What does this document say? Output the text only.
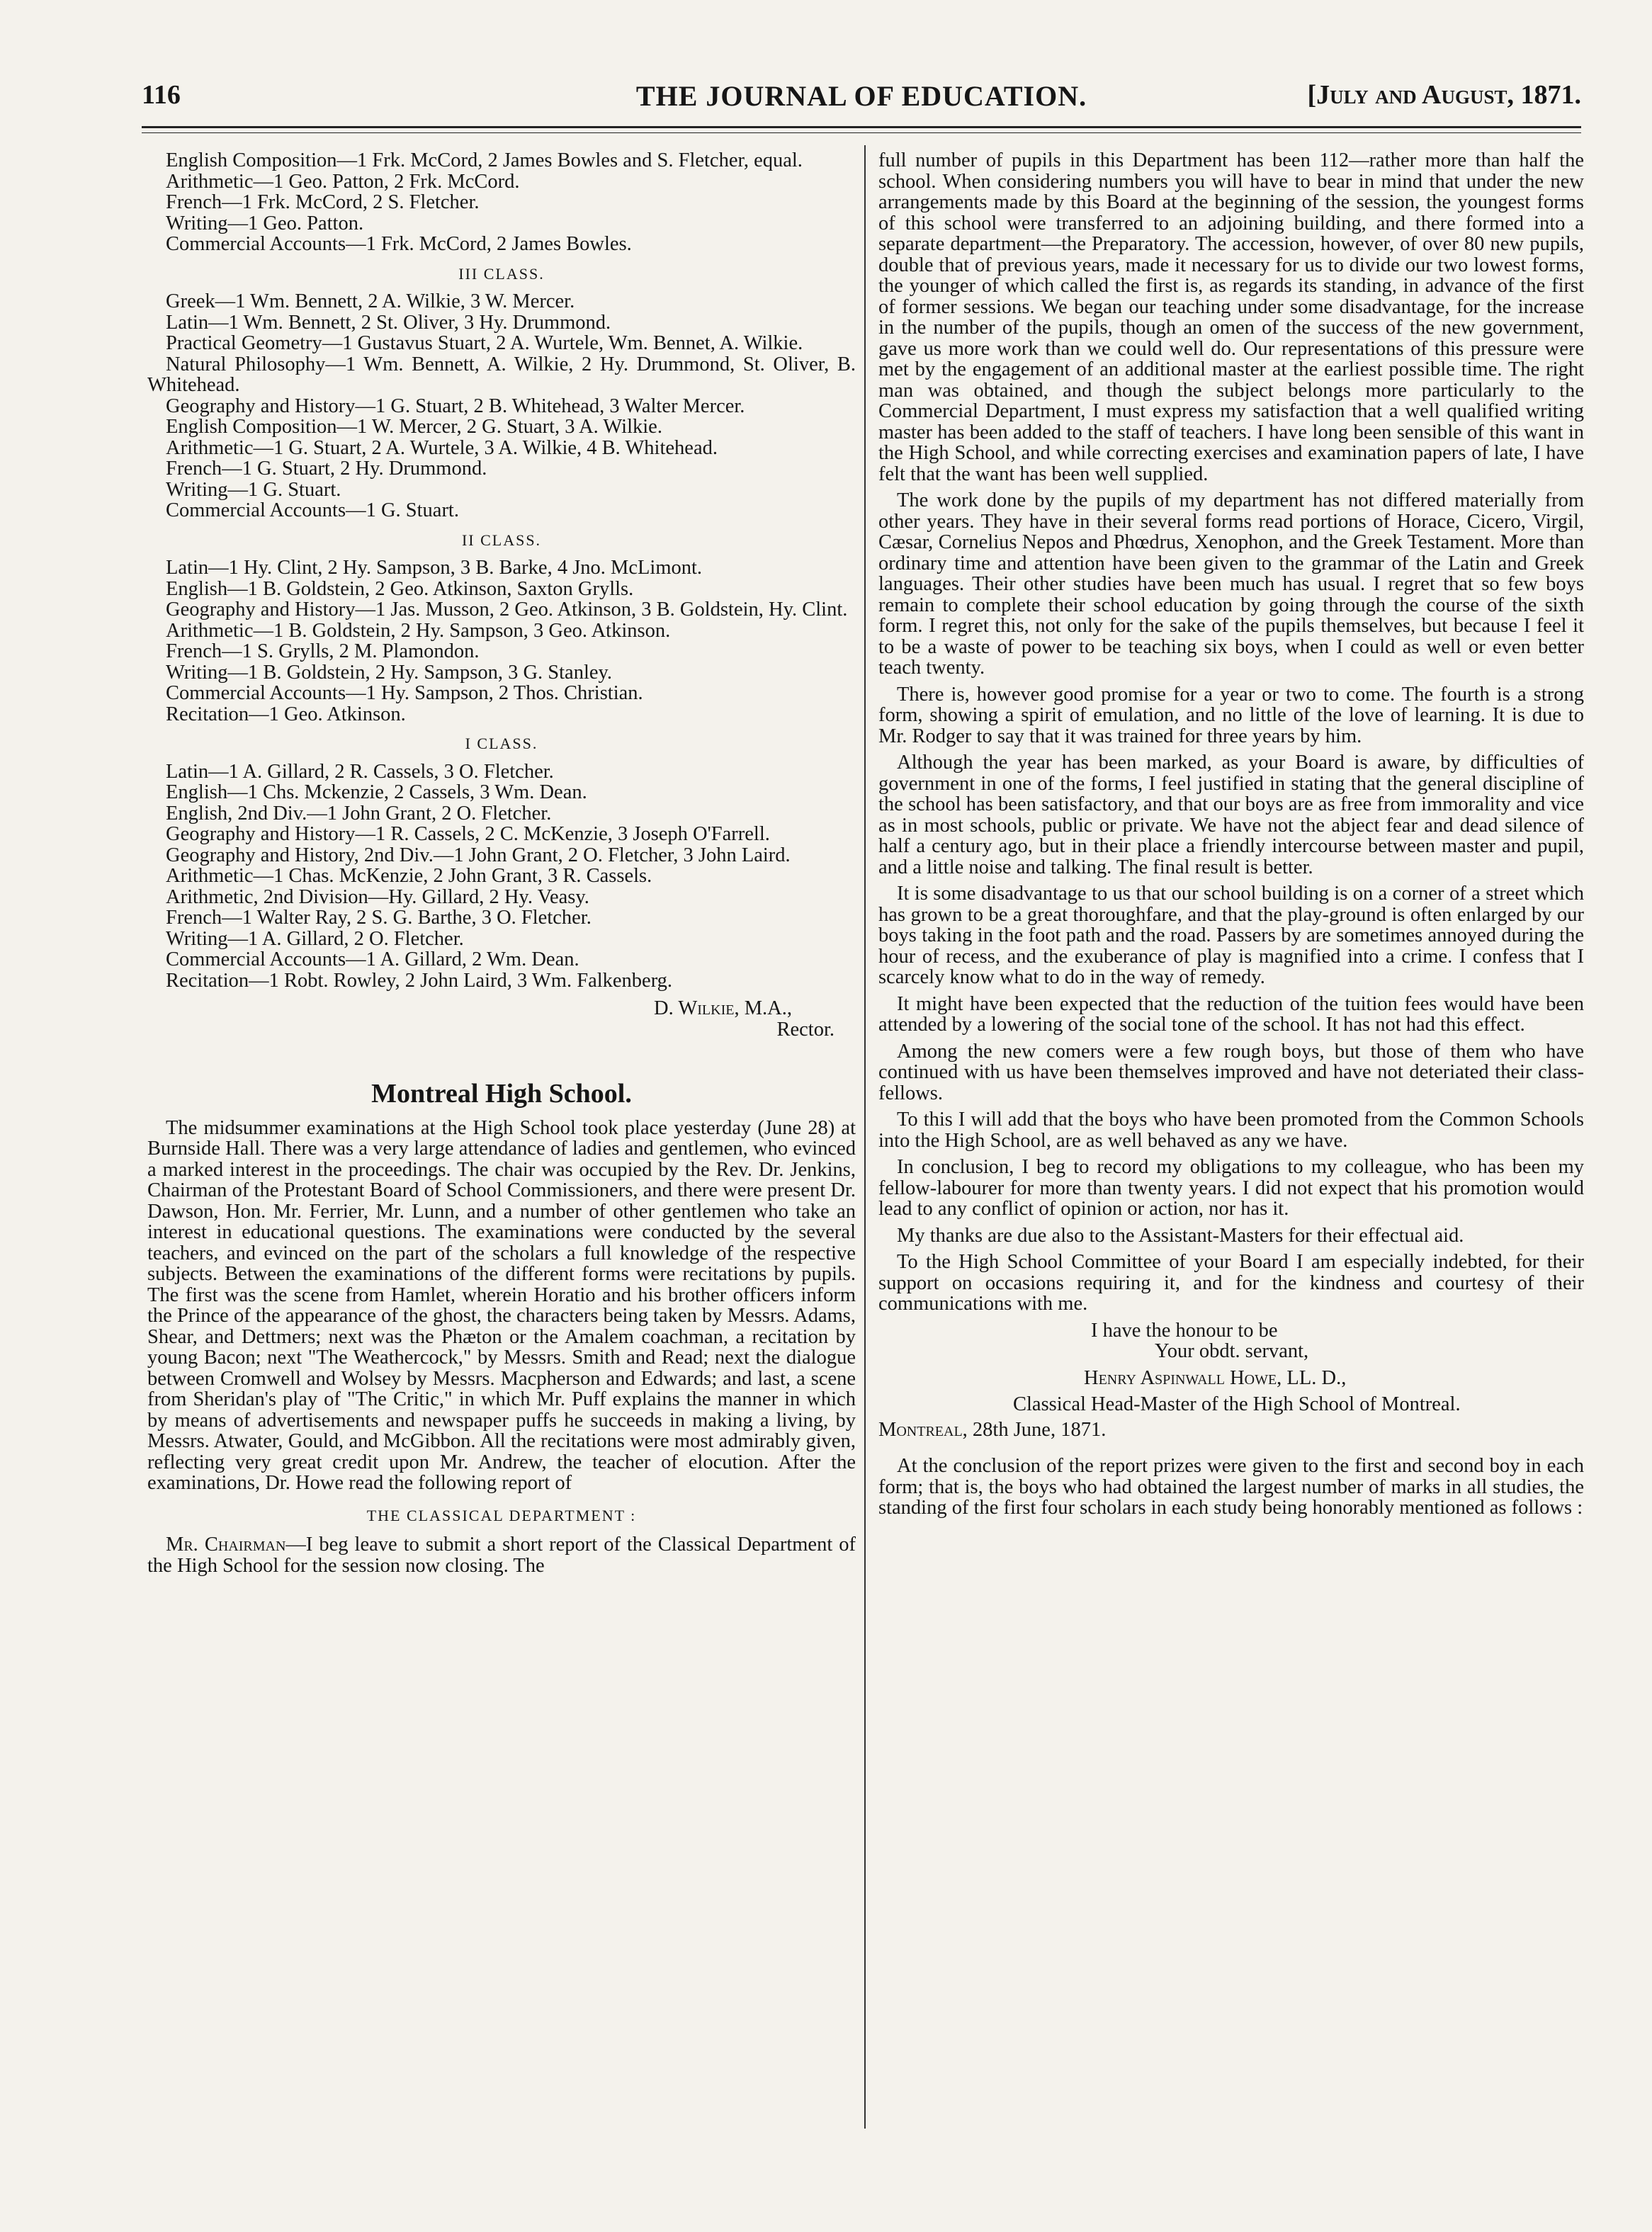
116	THE JOURNAL OF EDUCATION.	[July and August, 1871.

English Composition—1 Frk. McCord, 2 James Bowles and S. Fletcher, equal.

Arithmetic—1 Geo. Patton, 2 Frk. McCord.

French—1 Frk. McCord, 2 S. Fletcher.

Writing—1 Geo. Patton.

Commercial Accounts—1 Frk. McCord, 2 James Bowles.

III CLASS.

Greek—1 Wm. Bennett, 2 A. Wilkie, 3 W. Mercer.

Latin—1 Wm. Bennett, 2 St. Oliver, 3 Hy. Drummond.

Practical Geometry—1 Gustavus Stuart, 2 A. Wurtele, Wm. Bennet, A. Wilkie.

Natural Philosophy—1 Wm. Bennett, A. Wilkie, 2 Hy. Drummond, St. Oliver, B. Whitehead.

Geography and History—1 G. Stuart, 2 B. Whitehead, 3 Walter Mercer.

English Composition—1 W. Mercer, 2 G. Stuart, 3 A. Wilkie.

Arithmetic—1 G. Stuart, 2 A. Wurtele, 3 A. Wilkie, 4 B. Whitehead.

French—1 G. Stuart, 2 Hy. Drummond.

Writing—1 G. Stuart.

Commercial Accounts—1 G. Stuart.

II CLASS.

Latin—1 Hy. Clint, 2 Hy. Sampson, 3 B. Barke, 4 Jno. McLimont.

English—1 B. Goldstein, 2 Geo. Atkinson, Saxton Grylls.

Geography and History—1 Jas. Musson, 2 Geo. Atkinson, 3 B. Goldstein, Hy. Clint.

Arithmetic—1 B. Goldstein, 2 Hy. Sampson, 3 Geo. Atkinson.

French—1 S. Grylls, 2 M. Plamondon.

Writing—1 B. Goldstein, 2 Hy. Sampson, 3 G. Stanley.

Commercial Accounts—1 Hy. Sampson, 2 Thos. Christian.

Recitation—1 Geo. Atkinson.

I CLASS.

Latin—1 A. Gillard, 2 R. Cassels, 3 O. Fletcher.

English—1 Chs. Mckenzie, 2 Cassels, 3 Wm. Dean.

English, 2nd Div.—1 John Grant, 2 O. Fletcher.

Geography and History—1 R. Cassels, 2 C. McKenzie, 3 Joseph O'Farrell.

Geography and History, 2nd Div.—1 John Grant, 2 O. Fletcher, 3 John Laird.

Arithmetic—1 Chas. McKenzie, 2 John Grant, 3 R. Cassels.

Arithmetic, 2nd Division—Hy. Gillard, 2 Hy. Veasy.

French—1 Walter Ray, 2 S. G. Barthe, 3 O. Fletcher.

Writing—1 A. Gillard, 2 O. Fletcher.

Commercial Accounts—1 A. Gillard, 2 Wm. Dean.

Recitation—1 Robt. Rowley, 2 John Laird, 3 Wm. Falkenberg.

D. Wilkie, M.A.,

Rector.

Montreal High School.

The midsummer examinations at the High School took place yesterday (June 28) at Burnside Hall. There was a very large attendance of ladies and gentlemen, who evinced a marked interest in the proceedings. The chair was occupied by the Rev. Dr. Jenkins, Chairman of the Protestant Board of School Commissioners, and there were present Dr. Dawson, Hon. Mr. Ferrier, Mr. Lunn, and a number of other gentlemen who take an interest in educational questions. The examinations were conducted by the several teachers, and evinced on the part of the scholars a full knowledge of the respective subjects. Between the examinations of the different forms were recitations by pupils. The first was the scene from Hamlet, wherein Horatio and his brother officers inform the Prince of the appearance of the ghost, the characters being taken by Messrs. Adams, Shear, and Dettmers; next was the Phæton or the Amalem coachman, a recitation by young Bacon; next "The Weathercock," by Messrs. Smith and Read; next the dialogue between Cromwell and Wolsey by Messrs. Macpherson and Edwards; and last, a scene from Sheridan's play of "The Critic," in which Mr. Puff explains the manner in which by means of advertisements and newspaper puffs he succeeds in making a living, by Messrs. Atwater, Gould, and McGibbon. All the recitations were most admirably given, reflecting very great credit upon Mr. Andrew, the teacher of elocution. After the examinations, Dr. Howe read the following report of

THE CLASSICAL DEPARTMENT :

Mr. Chairman—I beg leave to submit a short report of the Classical Department of the High School for the session now closing. The

full number of pupils in this Department has been 112—rather more than half the school. When considering numbers you will have to bear in mind that under the new arrangements made by this Board at the beginning of the session, the youngest forms of this school were transferred to an adjoining building, and there formed into a separate department—the Preparatory. The accession, however, of over 80 new pupils, double that of previous years, made it necessary for us to divide our two lowest forms, the younger of which called the first is, as regards its standing, in advance of the first of former sessions. We began our teaching under some disadvantage, for the increase in the number of the pupils, though an omen of the success of the new government, gave us more work than we could well do. Our representations of this pressure were met by the engagement of an additional master at the earliest possible time. The right man was obtained, and though the subject belongs more particularly to the Commercial Department, I must express my satisfaction that a well qualified writing master has been added to the staff of teachers. I have long been sensible of this want in the High School, and while correcting exercises and examination papers of late, I have felt that the want has been well supplied.

The work done by the pupils of my department has not differed materially from other years. They have in their several forms read portions of Horace, Cicero, Virgil, Cæsar, Cornelius Nepos and Phœdrus, Xenophon, and the Greek Testament. More than ordinary time and attention have been given to the grammar of the Latin and Greek languages. Their other studies have been much has usual. I regret that so few boys remain to complete their school education by going through the course of the sixth form. I regret this, not only for the sake of the pupils themselves, but because I feel it to be a waste of power to be teaching six boys, when I could as well or even better teach twenty.

There is, however good promise for a year or two to come. The fourth is a strong form, showing a spirit of emulation, and no little of the love of learning. It is due to Mr. Rodger to say that it was trained for three years by him.

Although the year has been marked, as your Board is aware, by difficulties of government in one of the forms, I feel justified in stating that the general discipline of the school has been satisfactory, and that our boys are as free from immorality and vice as in most schools, public or private. We have not the abject fear and dead silence of half a century ago, but in their place a friendly intercourse between master and pupil, and a little noise and talking. The final result is better.

It is some disadvantage to us that our school building is on a corner of a street which has grown to be a great thoroughfare, and that the play-ground is often enlarged by our boys taking in the foot path and the road. Passers by are sometimes annoyed during the hour of recess, and the exuberance of play is magnified into a crime. I confess that I scarcely know what to do in the way of remedy.

It might have been expected that the reduction of the tuition fees would have been attended by a lowering of the social tone of the school. It has not had this effect.

Among the new comers were a few rough boys, but those of them who have continued with us have been themselves improved and have not deteriated their class-fellows.

To this I will add that the boys who have been promoted from the Common Schools into the High School, are as well behaved as any we have.

In conclusion, I beg to record my obligations to my colleague, who has been my fellow-labourer for more than twenty years. I did not expect that his promotion would lead to any conflict of opinion or action, nor has it.

My thanks are due also to the Assistant-Masters for their effectual aid.

To the High School Committee of your Board I am especially indebted, for their support on occasions requiring it, and for the kindness and courtesy of their communications with me.

I have the honour to be

Your obdt. servant,

Henry Aspinwall Howe, LL. D.,

Classical Head-Master of the High School of Montreal.

Montreal, 28th June, 1871.

At the conclusion of the report prizes were given to the first and second boy in each form; that is, the boys who had obtained the largest number of marks in all studies, the standing of the first four scholars in each study being honorably mentioned as follows :
